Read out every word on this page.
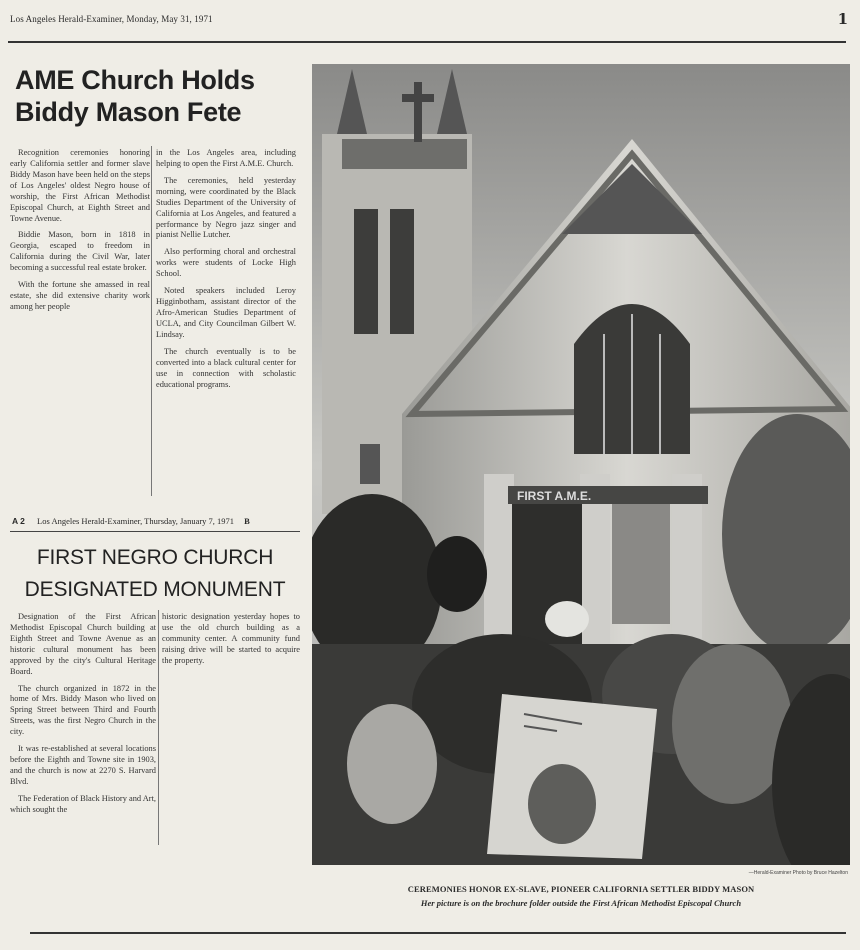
Los Angeles Herald-Examiner, Monday, May 31, 1971	1
AME Church Holds Biddy Mason Fete

Recognition ceremonies honoring early California settler and former slave Biddy Mason have been held on the steps of Los Angeles' oldest Negro house of worship, the First African Methodist Episcopal Church, at Eighth Street and Towne Avenue.

Biddie Mason, born in 1818 in Georgia, escaped to freedom in California during the Civil War, later becoming a successful real estate broker.

With the fortune she amassed in real estate, she did extensive charity work among her people

in the Los Angeles area, including helping to open the First A.M.E. Church.

The ceremonies, held yesterday morning, were coordinated by the Black Studies Department of the University of California at Los Angeles, and featured a performance by Negro jazz singer and pianist Nellie Lutcher.

Also performing choral and orchestral works were students of Locke High School.

Noted speakers included Leroy Higginbotham, assistant director of the Afro-American Studies Department of UCLA, and City Councilman Gilbert W. Lindsay.

The church eventually is to be converted into a black cultural center for use in connection with scholastic educational programs.

A 2 Los Angeles Herald-Examiner, Thursday, January 7, 1971 B
FIRST NEGRO CHURCH
DESIGNATED MONUMENT

Designation of the First African Methodist Episcopal Church building at Eighth Street and Towne Avenue as an historic cultural monument has been approved by the city's Cultural Heritage Board.

The church organized in 1872 in the home of Mrs. Biddy Mason who lived on Spring Street between Third and Fourth Streets, was the first Negro Church in the city.

It was re-established at several locations before the Eighth and Towne site in 1903, and the church is now at 2270 S. Harvard Blvd.

The Federation of Black History and Art, which sought the

historic designation yesterday hopes to use the old church building as a community center. A community fund raising drive will be started to acquire the property.

FIRST A.M.E.
—Herald-Examiner Photo by Bruce Hazelton
CEREMONIES HONOR EX-SLAVE, PIONEER CALIFORNIA SETTLER BIDDY MASON
Her picture is on the brochure folder outside the First African Methodist Episcopal Church
